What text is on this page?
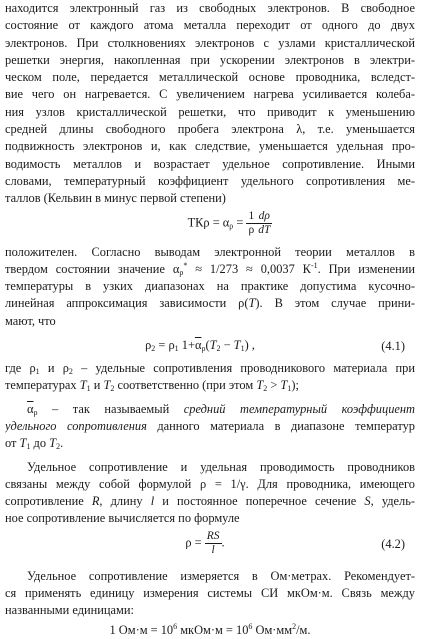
находится электронный газ из свободных электронов. В свободное
состояние от каждого атома металла переходит от одного до двух
электронов. При столкновениях электронов с узлами кристаллической
решетки энергия, накопленная при ускорении электронов в электри-
ческом поле, передается металлической основе проводника, вследст-
вие чего он нагревается. С увеличением нагрева усиливается колеба-
ния узлов кристаллической решетки, что приводит к уменьшению
средней длины свободного пробега электрона λ, т.е. уменьшается
подвижность электронов и, как следствие, уменьшается удельная про-
водимость металлов и возрастает удельное сопротивление. Иными
словами, температурный коэффициент удельного сопротивления ме-
таллов (Кельвин в минус первой степени)

$ТК\rho = \alpha_\rho = \frac{1}{\rho} \frac{d\rho}{dT}$

положителен. Согласно выводам электронной теории металлов в
твердом состоянии значение $\alpha_\rho^* \approx 1/273 \approx 0,0037$ $К^{-1}$. При изменении
температуры в узких диапазонах на практике допустима кусочно-
линейная аппроксимация зависимости ρ(T). В этом случае прини-
мают, что

$\rho_2 = \rho_1$ $1+\overline{\alpha}_\rho(T_2 - T_1)$ ,	(4.1)

где $\rho_1$ и $\rho_2$ – удельные сопротивления проводникового материала при
температурах $T_1$ и $T_2$ соответственно (при этом $T_2 > T_1$);

$\overline{\alpha}_\rho$ – так называемый средний температурный коэффициент
удельного сопротивления данного материала в диапазоне температур
от $T_1$ до $T_2$.

Удельное сопротивление и удельная проводимость проводников
связаны между собой формулой ρ = 1/γ. Для проводника, имеющего
сопротивление R, длину l и постоянное поперечное сечение S, удель-
ное сопротивление вычисляется по формуле

$\rho = \frac{RS}{l}$ .	(4.2)

Удельное сопротивление измеряется в Ом·метрах. Рекомендует-
ся применять единицу измерения системы СИ мкОм·м. Связь между
названными единицами:

1 $Ом\cdot м = 10^6$ мкОм·м = $10^6$ $Ом\cdot мм^2/м$.
